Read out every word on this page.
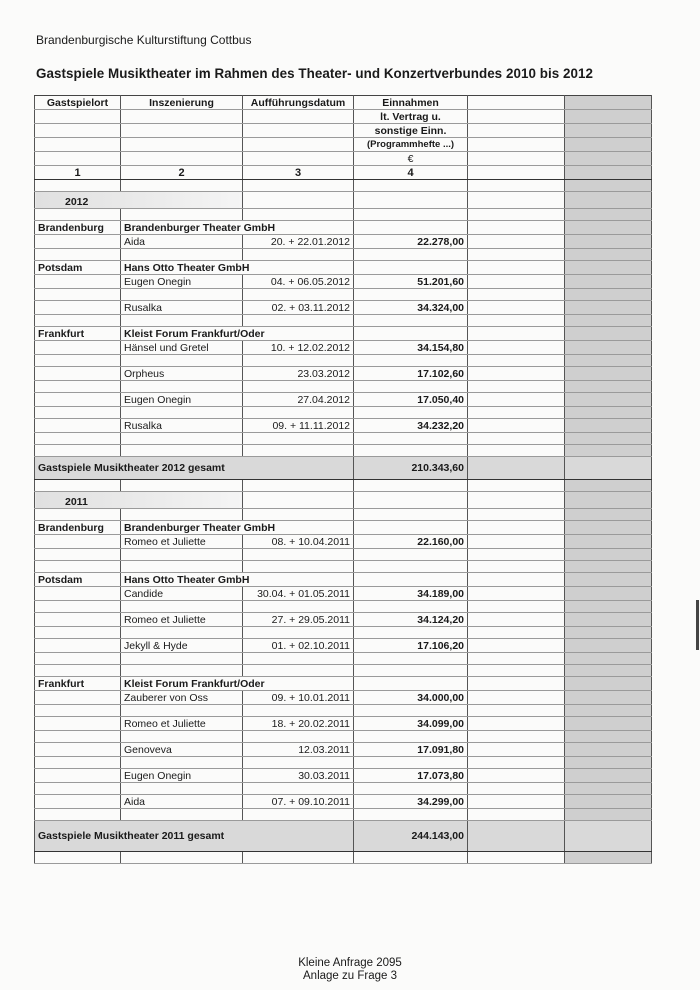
Brandenburgische Kulturstiftung Cottbus
Gastspiele Musiktheater im Rahmen des Theater- und Konzertverbundes 2010 bis 2012
Gastspielort	Inszenierung	Aufführungsdatum	Einnahmen		
			lt. Vertrag u.		
			sonstige Einn.		
			(Programmhefte ...)		
			€		
1	2	3	4		

2012					

Brandenburg	Brandenburger Theater GmbH				
	Aida	20. + 22.01.2012	22.278,00		

Potsdam	Hans Otto Theater GmbH				
	Eugen Onegin	04. + 06.05.2012	51.201,60		

	Rusalka	02. + 03.11.2012	34.324,00		

Frankfurt	Kleist Forum Frankfurt/Oder				
	Hänsel und Gretel	10. + 12.02.2012	34.154,80		

	Orpheus	23.03.2012	17.102,60		

	Eugen Onegin	27.04.2012	17.050,40		

	Rusalka	09. + 11.11.2012	34.232,20		

Gastspiele Musiktheater 2012 gesamt			210.343,60		

2011					

Brandenburg	Brandenburger Theater GmbH				
	Romeo et Juliette	08. + 10.04.2011	22.160,00		

Potsdam	Hans Otto Theater GmbH				
	Candide	30.04. + 01.05.2011	34.189,00		

	Romeo et Juliette	27. + 29.05.2011	34.124,20		

	Jekyll & Hyde	01. + 02.10.2011	17.106,20		

Frankfurt	Kleist Forum Frankfurt/Oder				
	Zauberer von Oss	09. + 10.01.2011	34.000,00		

	Romeo et Juliette	18. + 20.02.2011	34.099,00		

	Genoveva	12.03.2011	17.091,80		

	Eugen Onegin	30.03.2011	17.073,80		

	Aida	07. + 09.10.2011	34.299,00		

Gastspiele Musiktheater 2011 gesamt			244.143,00		

Kleine Anfrage 2095
Anlage zu Frage 3
